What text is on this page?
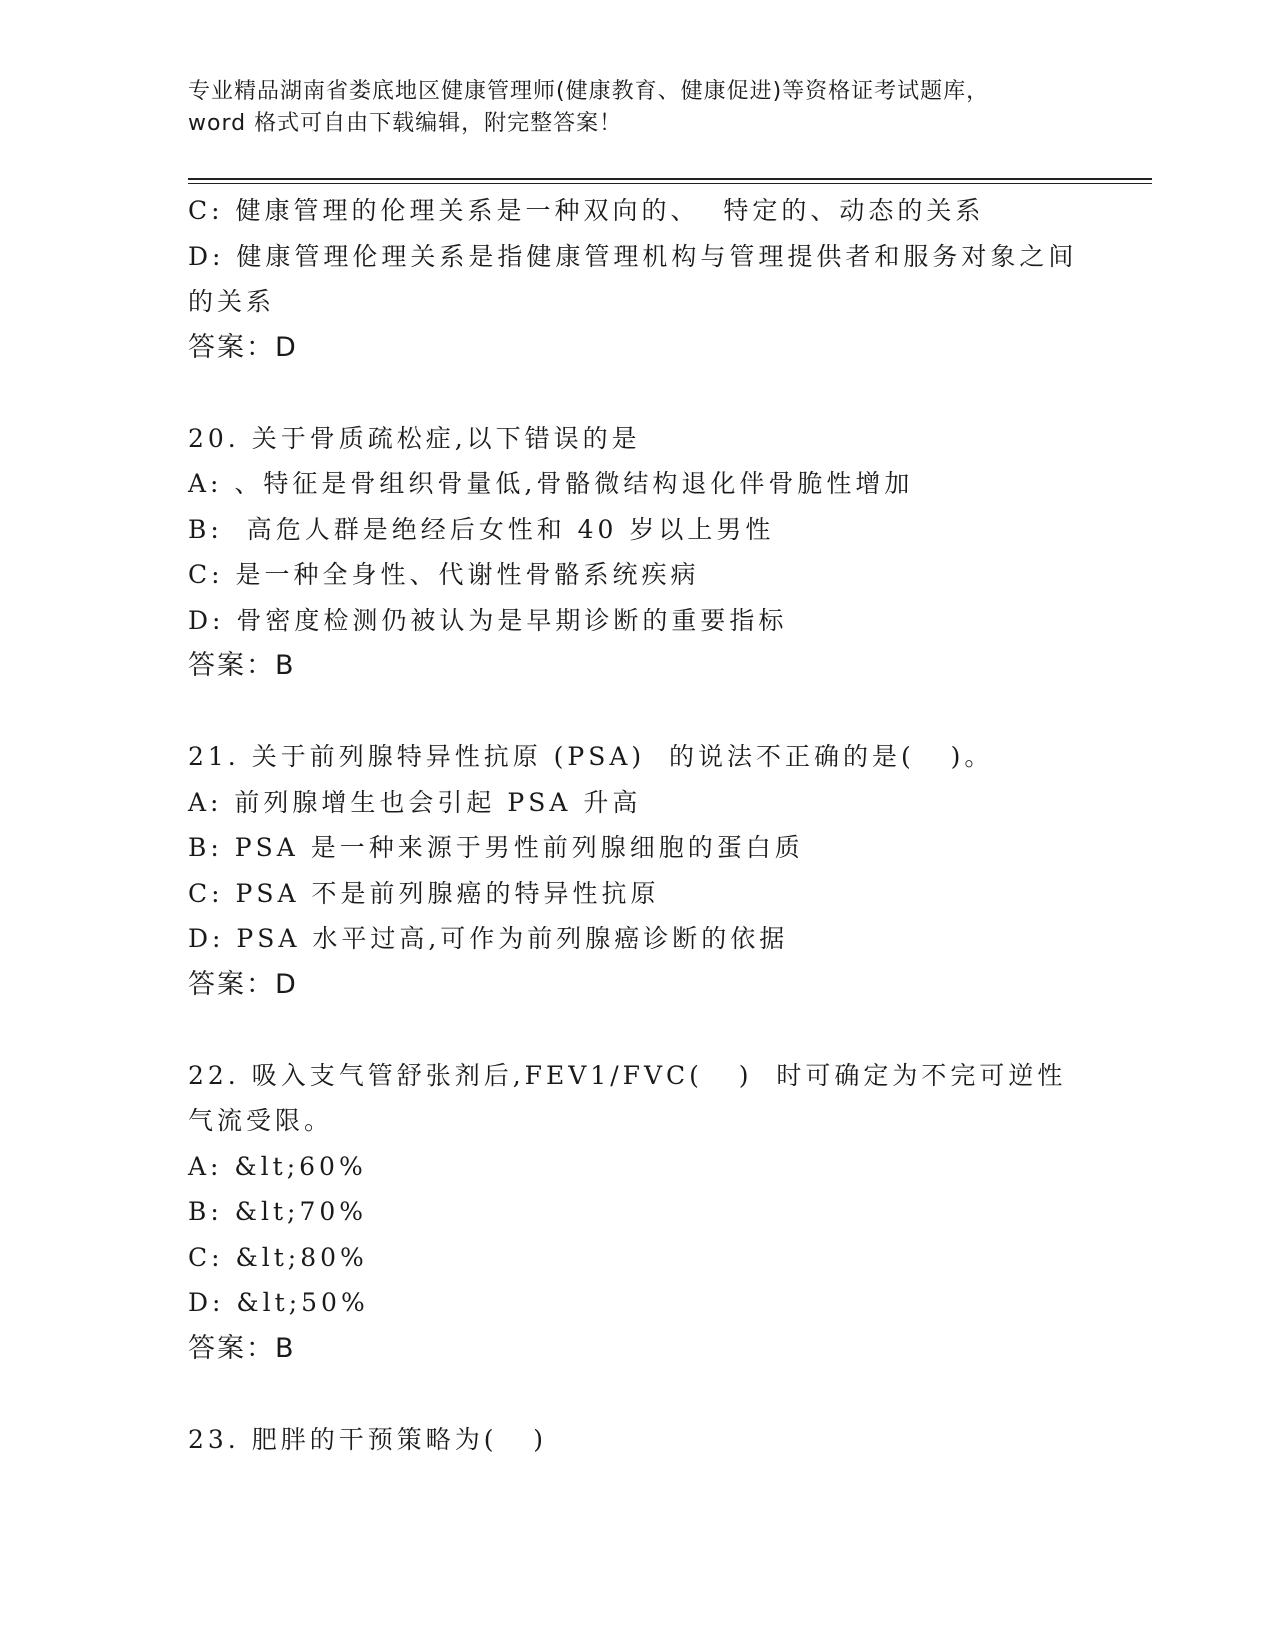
专业精品湖南省娄底地区健康管理师(健康教育、健康促进)等资格证考试题库，
word 格式可自由下载编辑，附完整答案！
C: 健康管理的伦理关系是一种双向的、  特定的、动态的关系
D: 健康管理伦理关系是指健康管理机构与管理提供者和服务对象之间
的关系
答案：D
20. 关于骨质疏松症,以下错误的是
A: 、特征是骨组织骨量低,骨骼微结构退化伴骨脆性增加
B:  高危人群是绝经后女性和 40 岁以上男性
C: 是一种全身性、代谢性骨骼系统疾病
D: 骨密度检测仍被认为是早期诊断的重要指标
答案：B
21. 关于前列腺特异性抗原 (PSA)  的说法不正确的是(   )。
A: 前列腺增生也会引起 PSA 升高
B: PSA 是一种来源于男性前列腺细胞的蛋白质
C: PSA 不是前列腺癌的特异性抗原
D: PSA 水平过高,可作为前列腺癌诊断的依据
答案：D
22. 吸入支气管舒张剂后,FEV1/FVC(   )  时可确定为不完可逆性
气流受限。
A: &lt;60%
B: &lt;70%
C: &lt;80%
D: &lt;50%
答案：B
23. 肥胖的干预策略为(   )
